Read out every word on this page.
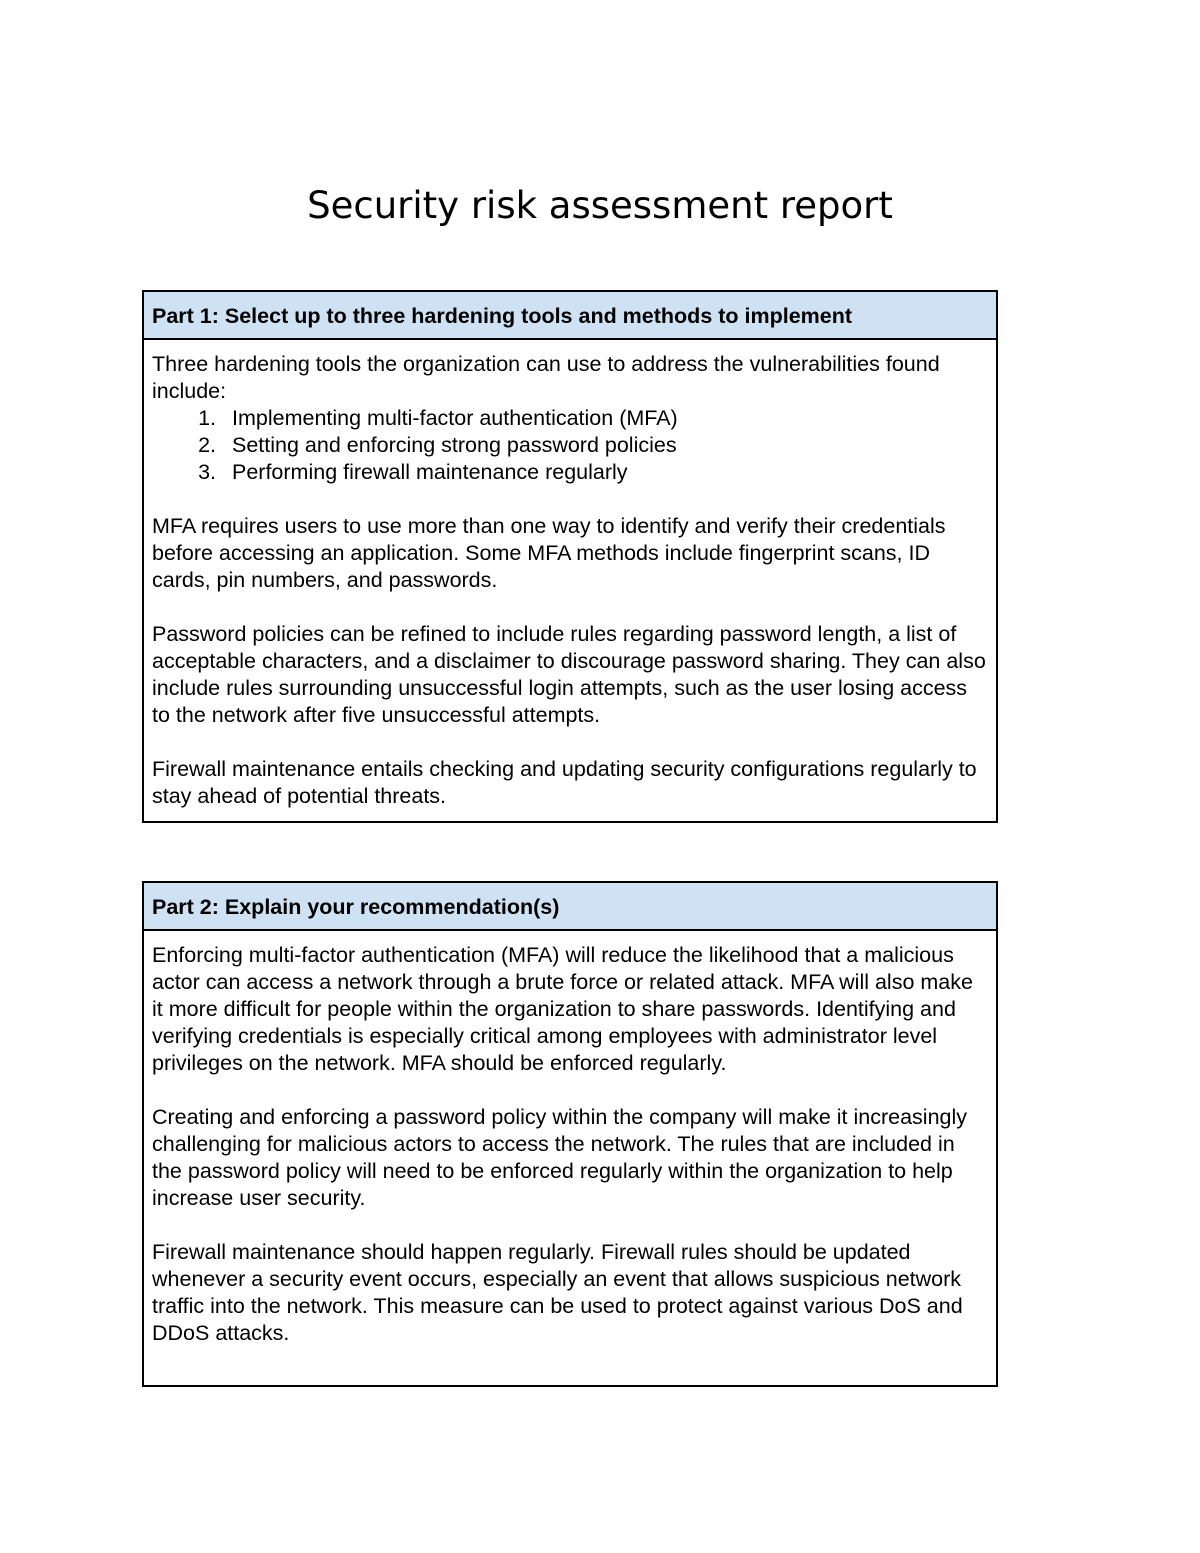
Security risk assessment report
Part 1: Select up to three hardening tools and methods to implement

Three hardening tools the organization can use to address the vulnerabilities found include:

1. Implementing multi-factor authentication (MFA)
2. Setting and enforcing strong password policies
3. Performing firewall maintenance regularly

MFA requires users to use more than one way to identify and verify their credentials before accessing an application. Some MFA methods include fingerprint scans, ID cards, pin numbers, and passwords.

Password policies can be refined to include rules regarding password length, a list of acceptable characters, and a disclaimer to discourage password sharing. They can also include rules surrounding unsuccessful login attempts, such as the user losing access to the network after five unsuccessful attempts.

Firewall maintenance entails checking and updating security configurations regularly to stay ahead of potential threats.

Part 2: Explain your recommendation(s)

Enforcing multi-factor authentication (MFA) will reduce the likelihood that a malicious actor can access a network through a brute force or related attack. MFA will also make it more difficult for people within the organization to share passwords. Identifying and verifying credentials is especially critical among employees with administrator level privileges on the network. MFA should be enforced regularly.

Creating and enforcing a password policy within the company will make it increasingly challenging for malicious actors to access the network. The rules that are included in the password policy will need to be enforced regularly within the organization to help increase user security.

Firewall maintenance should happen regularly. Firewall rules should be updated whenever a security event occurs, especially an event that allows suspicious network traffic into the network. This measure can be used to protect against various DoS and DDoS attacks.
